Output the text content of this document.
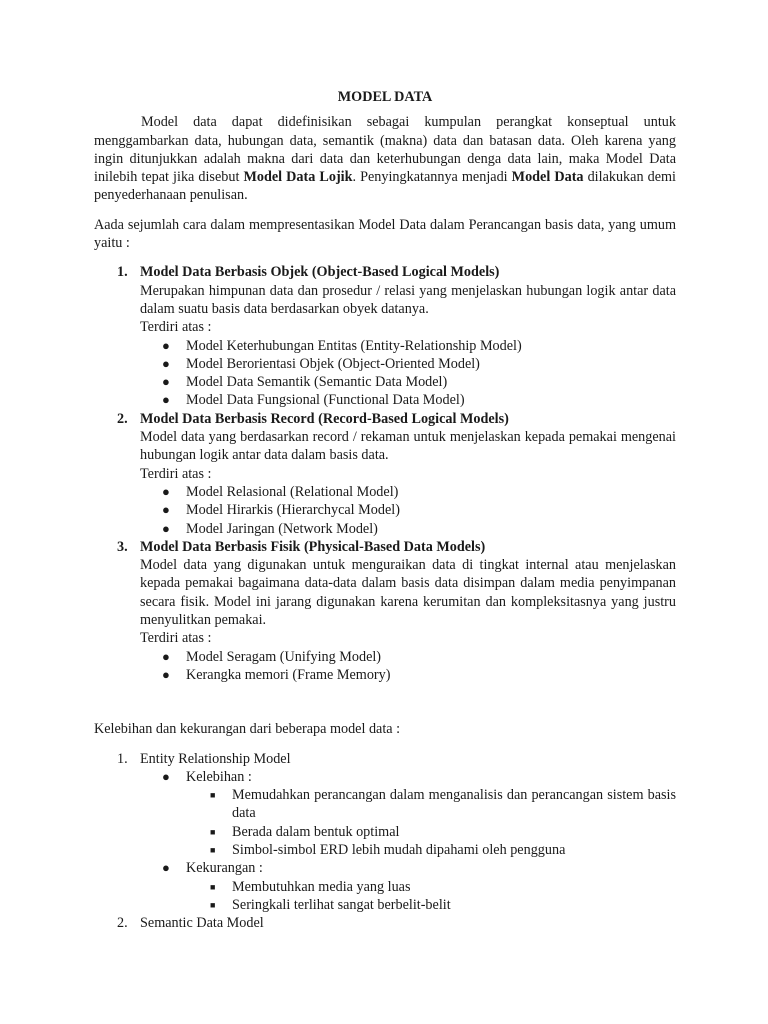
MODEL DATA

Model data dapat didefinisikan sebagai kumpulan perangkat konseptual untuk menggambarkan data, hubungan data, semantik (makna) data dan batasan data. Oleh karena yang ingin ditunjukkan adalah makna dari data dan keterhubungan denga data lain, maka Model Data inilebih tepat jika disebut Model Data Lojik. Penyingkatannya menjadi Model Data dilakukan demi penyederhanaan penulisan.

Aada sejumlah cara dalam mempresentasikan Model Data dalam Perancangan basis data, yang umum yaitu :

1. Model Data Berbasis Objek (Object-Based Logical Models)
Merupakan himpunan data dan prosedur / relasi yang menjelaskan hubungan logik antar data dalam suatu basis data berdasarkan obyek datanya.
Terdiri atas :
● Model Keterhubungan Entitas (Entity-Relationship Model)
● Model Berorientasi Objek (Object-Oriented Model)
● Model Data Semantik (Semantic Data Model)
● Model Data Fungsional (Functional Data Model)
2. Model Data Berbasis Record (Record-Based Logical Models)
Model data yang berdasarkan record / rekaman untuk menjelaskan kepada pemakai mengenai hubungan logik antar data dalam basis data.
Terdiri atas :
● Model Relasional (Relational Model)
● Model Hirarkis (Hierarchycal Model)
● Model Jaringan (Network Model)
3. Model Data Berbasis Fisik (Physical-Based Data Models)
Model data yang digunakan untuk menguraikan data di tingkat internal atau menjelaskan kepada pemakai bagaimana data-data dalam basis data disimpan dalam media penyimpanan secara fisik. Model ini jarang digunakan karena kerumitan dan kompleksitasnya yang justru menyulitkan pemakai.
Terdiri atas :
● Model Seragam (Unifying Model)
● Kerangka memori (Frame Memory)

Kelebihan dan kekurangan dari beberapa model data :

1. Entity Relationship Model
● Kelebihan :
■ Memudahkan perancangan dalam menganalisis dan perancangan sistem basis data
■ Berada dalam bentuk optimal
■ Simbol-simbol ERD lebih mudah dipahami oleh pengguna
● Kekurangan :
■ Membutuhkan media yang luas
■ Seringkali terlihat sangat berbelit-belit
2. Semantic Data Model
